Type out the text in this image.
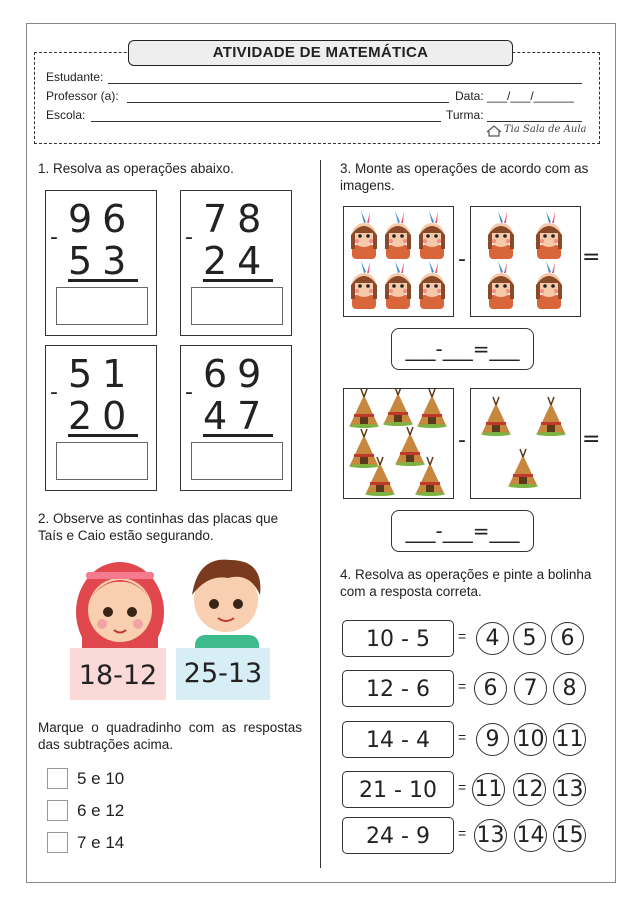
ATIVIDADE DE MATEMÁTICA
Estudante:
Professor (a):	Data: ___/___/______
Escola:	Turma:
Tia Sala de Aula
1. Resolva as operações abaixo.
96
-
53
78
-
24
51
-
20
69
-
47
2. Observe as continhas das placas que Taís e Caio estão segurando.
18-12 25-13
Marque o quadradinho com as respostas das subtrações acima.
5 e 10
6 e 12
7 e 14
3. Monte as operações de acordo com as imagens.
-	=
___-___=___
-	=
___-___=___
4. Resolva as operações e pinte a bolinha com a resposta correta.
10 - 5	= 4	5	6
12 - 6	= 6	7	8
14 - 4	= 9 10 11
21 - 10	= 11 12 13
24 - 9	= 13 14 15
